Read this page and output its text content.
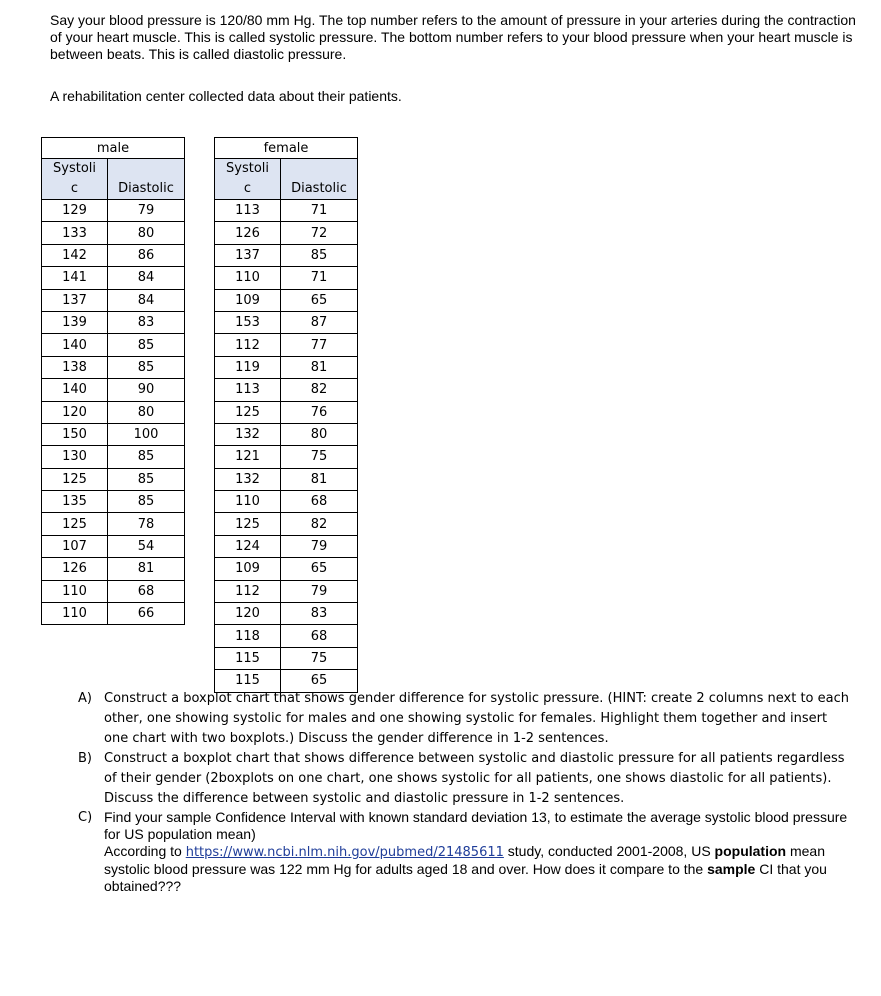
Say your blood pressure is 120/80 mm Hg. The top number refers to the amount of pressure in your arteries during the contraction of your heart muscle. This is called systolic pressure. The bottom number refers to your blood pressure when your heart muscle is between beats. This is called diastolic pressure.

A rehabilitation center collected data about their patients.

male	
Systoli
c	Diastolic
129	79
133	80
142	86
141	84
137	84
139	83
140	85
138	85
140	90
120	80
150	100
130	85
125	85
135	85
125	78
107	54
126	81
110	68
110	66
female	
Systoli
c	Diastolic
113	71
126	72
137	85
110	71
109	65
153	87
112	77
119	81
113	82
125	76
132	80
121	75
132	81
110	68
125	82
124	79
109	65
112	79
120	83
118	68
115	75
115	65
A) Construct a boxplot chart that shows gender difference for systolic pressure. (HINT: create 2 columns next to each other, one showing systolic for males and one showing systolic for females. Highlight them together and insert one chart with two boxplots.) Discuss the gender difference in 1-2 sentences.
B) Construct a boxplot chart that shows difference between systolic and diastolic pressure for all patients regardless of their gender (2boxplots on one chart, one shows systolic for all patients, one shows diastolic for all patients). Discuss the difference between systolic and diastolic pressure in 1-2 sentences.
C) Find your sample Confidence Interval with known standard deviation 13, to estimate the average systolic blood pressure for US population mean)
According to https://www.ncbi.nlm.nih.gov/pubmed/21485611 study, conducted 2001-2008, US population mean systolic blood pressure was 122 mm Hg for adults aged 18 and over. How does it compare to the sample CI that you obtained???
